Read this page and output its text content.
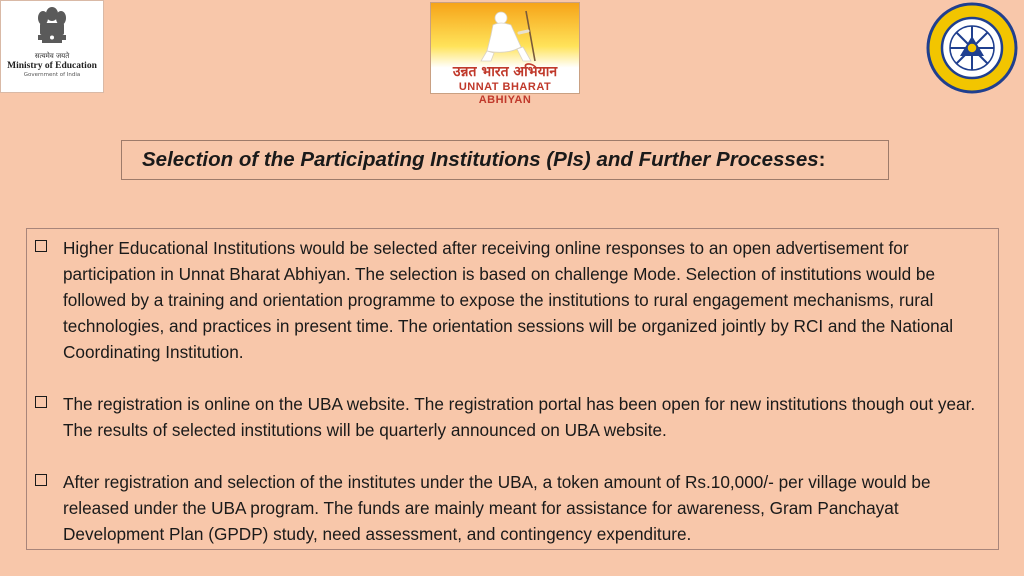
सत्यमेव जयते
Ministry of Education
Government of India	उन्नत भारत अभियान
UNNAT BHARAT ABHIYAN
Selection of the Participating Institutions (PIs) and Further Processes :
Higher Educational Institutions would be selected after receiving online responses to an open advertisement for participation in Unnat Bharat Abhiyan. The selection is based on challenge Mode. Selection of institutions would be followed by a training and orientation programme to expose the institutions to rural engagement mechanisms, rural technologies, and practices in present time. The orientation sessions will be organized jointly by RCI and the National Coordinating Institution.
The registration is online on the UBA website. The registration portal has been open for new institutions though out year. The results of selected institutions will be quarterly announced on UBA website.
After registration and selection of the institutes under the UBA, a token amount of Rs.10,000/- per village would be released under the UBA program. The funds are mainly meant for assistance for awareness, Gram Panchayat Development Plan (GPDP) study, need assessment, and contingency expenditure.
